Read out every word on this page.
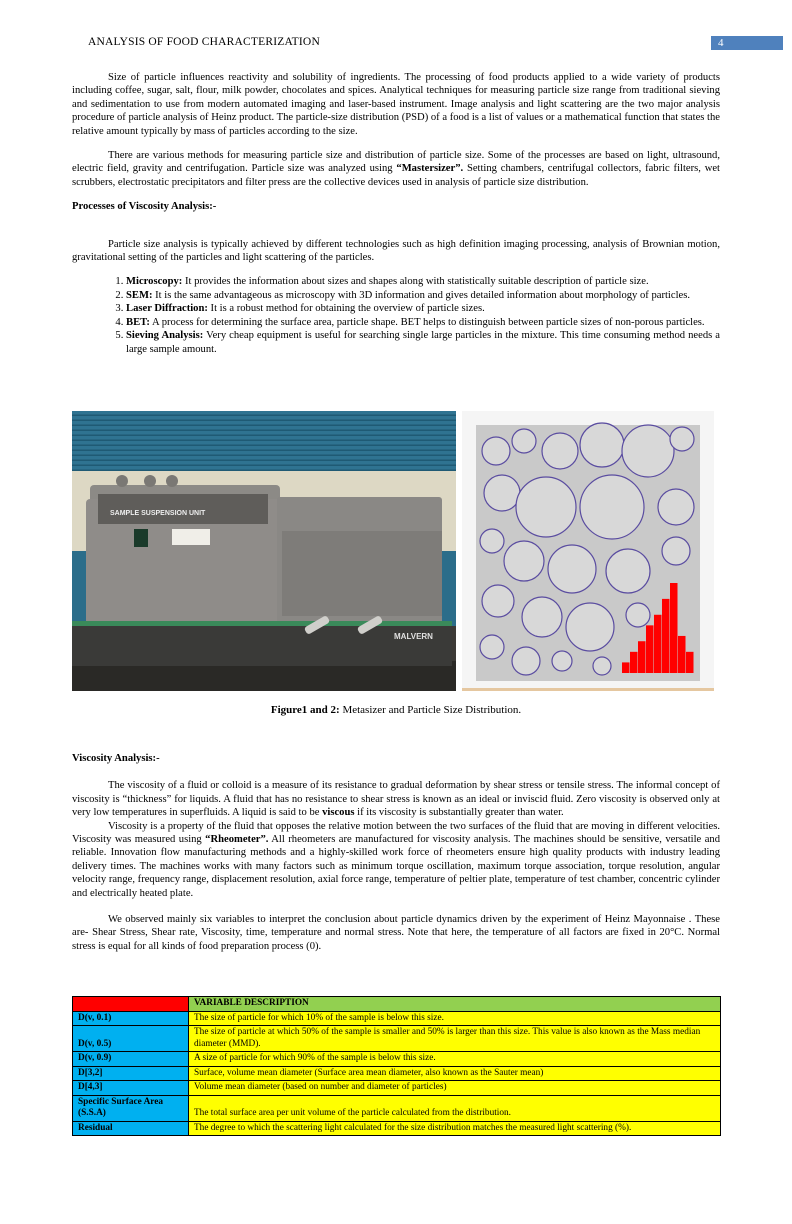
ANALYSIS OF FOOD CHARACTERIZATION	4

Size of particle influences reactivity and solubility of ingredients. The processing of food products applied to a wide variety of products including coffee, sugar, salt, flour, milk powder, chocolates and spices. Analytical techniques for measuring particle size range from traditional sieving and sedimentation to use from modern automated imaging and laser-based instrument. Image analysis and light scattering are the two major analysis procedure of particle analysis of Heinz product. The particle-size distribution (PSD) of a food is a list of values or a mathematical function that states the relative amount typically by mass of particles according to the size.

There are various methods for measuring particle size and distribution of particle size. Some of the processes are based on light, ultrasound, electric field, gravity and centrifugation. Particle size was analyzed using “Mastersizer”. Setting chambers, centrifugal collectors, fabric filters, wet scrubbers, electrostatic precipitators and filter press are the collective devices used in analysis of particle size distribution.

Processes of Viscosity Analysis:-

Particle size analysis is typically achieved by different technologies such as high definition imaging processing, analysis of Brownian motion, gravitational setting of the particles and light scattering of the particles.

1. Microscopy: It provides the information about sizes and shapes along with statistically suitable description of particle size.
2. SEM: It is the same advantageous as microscopy with 3D information and gives detailed information about morphology of particles.
3. Laser Diffraction: It is a robust method for obtaining the overview of particle sizes.
4. BET: A process for determining the surface area, particle shape. BET helps to distinguish between particle sizes of non-porous particles.
5. Sieving Analysis: Very cheap equipment is useful for searching single large particles in the mixture. This time consuming method needs a large sample amount.
SAMPLE SUSPENSION UNIT
MALVERN
Figure1 and 2: Metasizer and Particle Size Distribution.
Viscosity Analysis:-

The viscosity of a fluid or colloid is a measure of its resistance to gradual deformation by shear stress or tensile stress. The informal concept of viscosity is “thickness” for liquids. A fluid that has no resistance to shear stress is known as an ideal or inviscid fluid. Zero viscosity is observed only at very low temperatures in superfluids. A liquid is said to be viscous if its viscosity is substantially greater than water.

Viscosity is a property of the fluid that opposes the relative motion between the two surfaces of the fluid that are moving in different velocities. Viscosity was measured using “Rheometer”. All rheometers are manufactured for viscosity analysis. The machines should be sensitive, versatile and reliable. Innovation flow manufacturing methods and a highly-skilled work force of rheometers ensure high quality products with industry leading delivery times. The machines works with many factors such as minimum torque oscillation, maximum torque association, torque resolution, angular velocity range, frequency range, displacement resolution, axial force range, temperature of peltier plate, temperature of test chamber, concentric cylinder and electrically heated plate.

We observed mainly six variables to interpret the conclusion about particle dynamics driven by the experiment of Heinz Mayonnaise . These are- Shear Stress, Shear rate, Viscosity, time, temperature and normal stress. Note that here, the temperature of all factors are fixed in 20°C. Normal stress is equal for all kinds of food preparation process (0).

	VARIABLE DESCRIPTION
D(v, 0.1)	The size of particle for which 10% of the sample is below this size.
D(v, 0.5)	The size of particle at which 50% of the sample is smaller and 50% is larger than this size. This value is also known as the Mass median diameter (MMD).
D(v, 0.9)	A size of particle for which 90% of the sample is below this size.
D[3,2]	Surface, volume mean diameter (Surface area mean diameter, also known as the Sauter mean)
D[4,3]	Volume mean diameter (based on number and diameter of particles)
Specific Surface Area (S.S.A)	The total surface area per unit volume of the particle calculated from the distribution.
Residual	The degree to which the scattering light calculated for the size distribution matches the measured light scattering (%).
